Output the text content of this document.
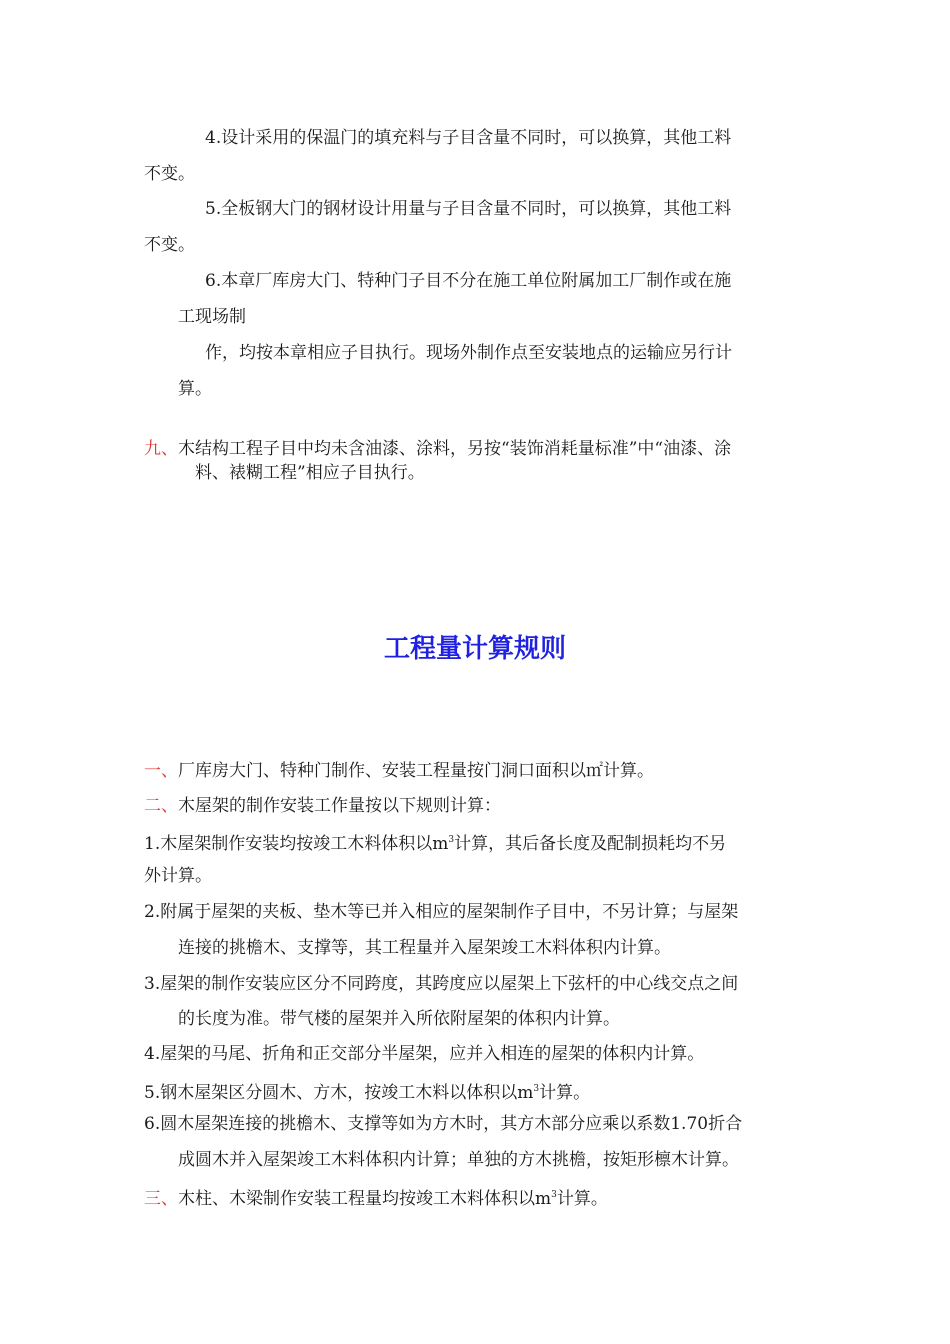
4.设计采用的保温门的填充料与子目含量不同时，可以换算，其他工料

不变。

5.全板钢大门的钢材设计用量与子目含量不同时，可以换算，其他工料

不变。

6.本章厂库房大门、特种门子目不分在施工单位附属加工厂制作或在施

工现场制

作，均按本章相应子目执行。现场外制作点至安装地点的运输应另行计

算。

九、木结构工程子目中均未含油漆、涂料，另按“装饰消耗量标准”中“油漆、涂

料、裱糊工程”相应子目执行。

工程量计算规则

一、厂库房大门、特种门制作、安装工程量按门洞口面积以㎡计算。

二、木屋架的制作安装工作量按以下规则计算：

1.木屋架制作安装均按竣工木料体积以$m^3$计算，其后备长度及配制损耗均不另

外计算。

2.附属于屋架的夹板、垫木等已并入相应的屋架制作子目中，不另计算；与屋架

连接的挑檐木、支撑等，其工程量并入屋架竣工木料体积内计算。

3.屋架的制作安装应区分不同跨度，其跨度应以屋架上下弦杆的中心线交点之间

的长度为准。带气楼的屋架并入所依附屋架的体积内计算。

4.屋架的马尾、折角和正交部分半屋架，应并入相连的屋架的体积内计算。

5.钢木屋架区分圆木、方木，按竣工木料以体积以$m^3$计算。

6.圆木屋架连接的挑檐木、支撑等如为方木时，其方木部分应乘以系数1.70折合

成圆木并入屋架竣工木料体积内计算；单独的方木挑檐，按矩形檩木计算。

三、木柱、木梁制作安装工程量均按竣工木料体积以$m^3$计算。
